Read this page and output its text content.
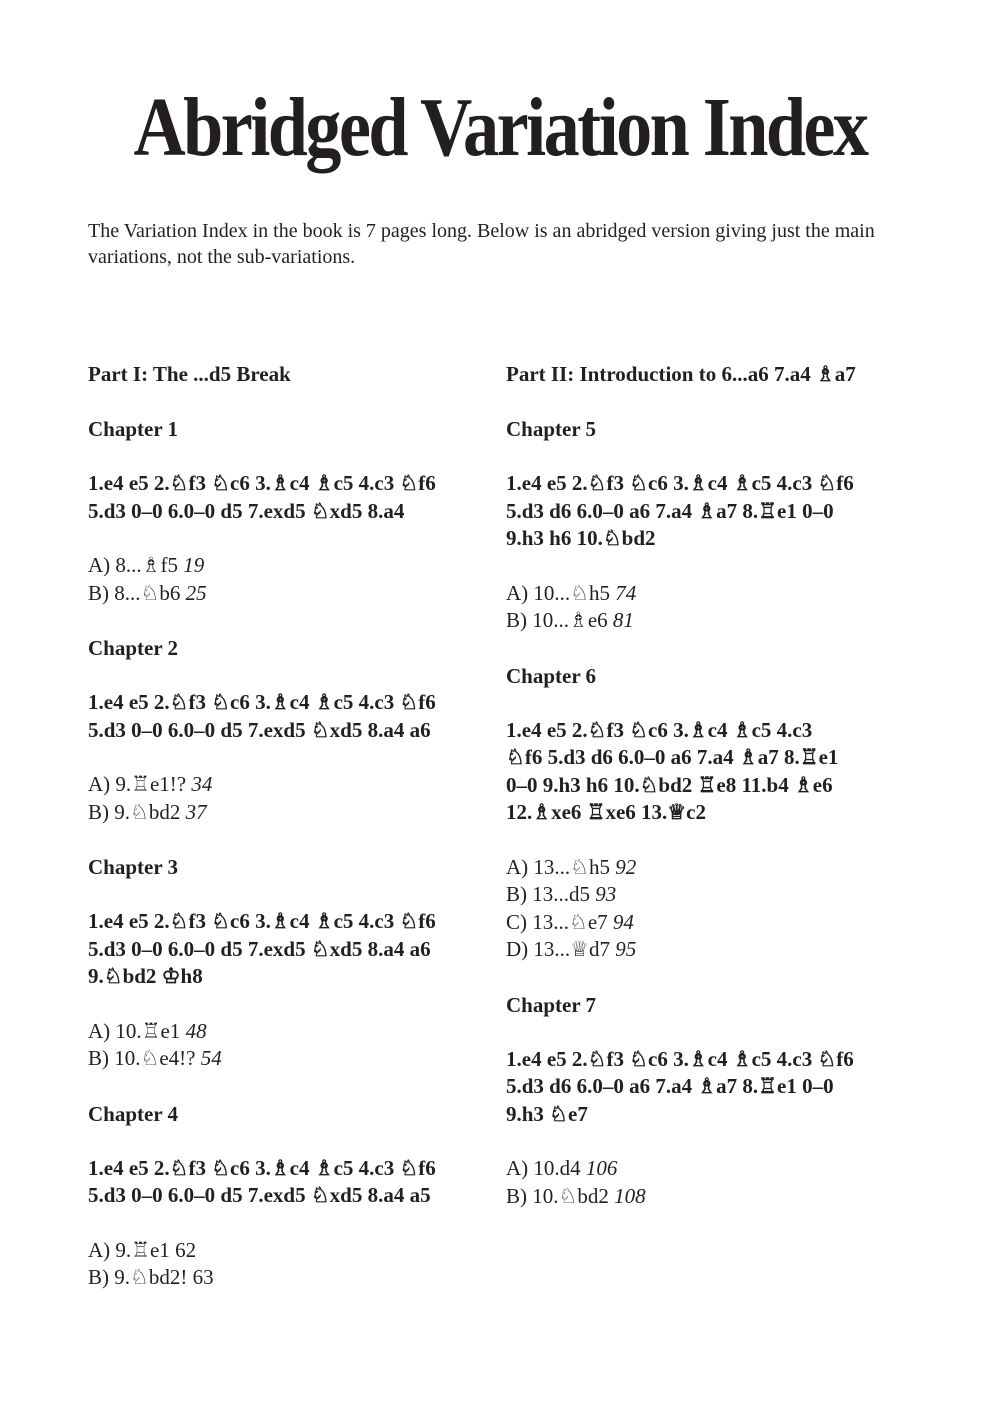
Abridged Variation Index

The Variation Index in the book is 7 pages long. Below is an abridged version giving just the main variations, not the sub-variations.

Part I: The ...d5 Break
Chapter 1
1.e4 e5 2.♘f3 ♘c6 3.♗c4 ♗c5 4.c3 ♘f6
5.d3 0–0 6.0–0 d5 7.exd5 ♘xd5 8.a4
A) 8...♗f5 19
B) 8...♘b6 25
Chapter 2
1.e4 e5 2.♘f3 ♘c6 3.♗c4 ♗c5 4.c3 ♘f6
5.d3 0–0 6.0–0 d5 7.exd5 ♘xd5 8.a4 a6
A) 9.♖e1!? 34
B) 9.♘bd2 37
Chapter 3
1.e4 e5 2.♘f3 ♘c6 3.♗c4 ♗c5 4.c3 ♘f6
5.d3 0–0 6.0–0 d5 7.exd5 ♘xd5 8.a4 a6
9.♘bd2 ♔h8
A) 10.♖e1 48
B) 10.♘e4!? 54
Chapter 4
1.e4 e5 2.♘f3 ♘c6 3.♗c4 ♗c5 4.c3 ♘f6
5.d3 0–0 6.0–0 d5 7.exd5 ♘xd5 8.a4 a5
A) 9.♖e1 62
B) 9.♘bd2! 63
Part II: Introduction to 6...a6 7.a4 ♗a7
Chapter 5
1.e4 e5 2.♘f3 ♘c6 3.♗c4 ♗c5 4.c3 ♘f6
5.d3 d6 6.0–0 a6 7.a4 ♗a7 8.♖e1 0–0
9.h3 h6 10.♘bd2
A) 10...♘h5 74
B) 10...♗e6 81
Chapter 6
1.e4 e5 2.♘f3 ♘c6 3.♗c4 ♗c5 4.c3
♘f6 5.d3 d6 6.0–0 a6 7.a4 ♗a7 8.♖e1
0–0 9.h3 h6 10.♘bd2 ♖e8 11.b4 ♗e6
12.♗xe6 ♖xe6 13.♕c2
A) 13...♘h5 92
B) 13...d5 93
C) 13...♘e7 94
D) 13...♕d7 95
Chapter 7
1.e4 e5 2.♘f3 ♘c6 3.♗c4 ♗c5 4.c3 ♘f6
5.d3 d6 6.0–0 a6 7.a4 ♗a7 8.♖e1 0–0
9.h3 ♘e7
A) 10.d4 106
B) 10.♘bd2 108
